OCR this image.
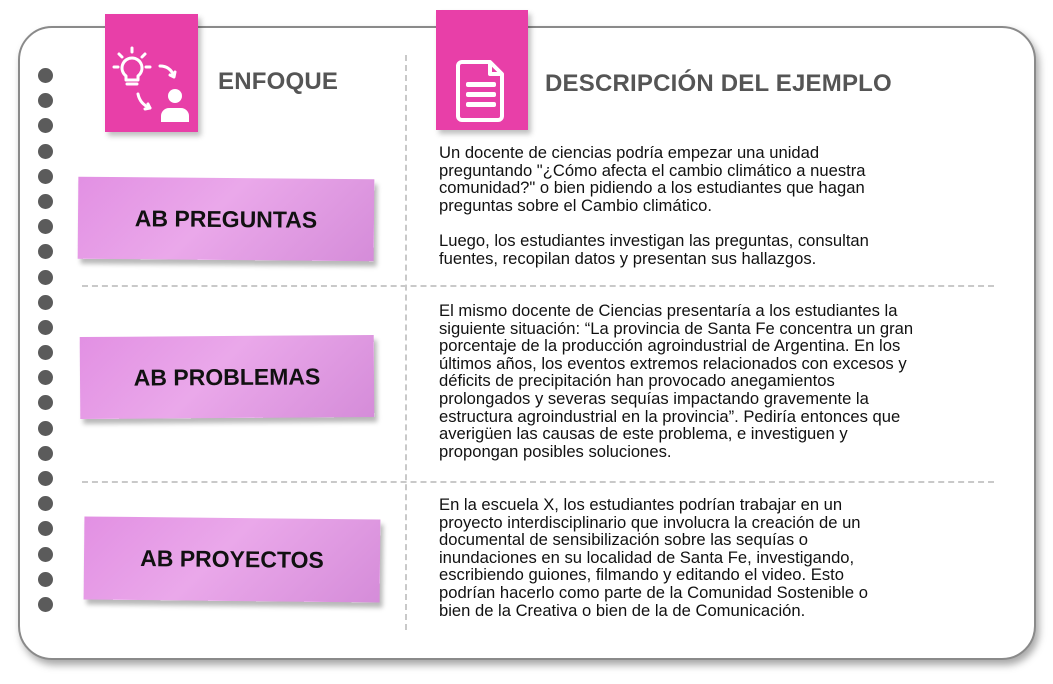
ENFOQUE	DESCRIPCIÓN DEL EJEMPLO
AB PREGUNTAS
AB PROBLEMAS
AB PROYECTOS

Un docente de ciencias podría empezar una unidad
preguntando "¿Cómo afecta el cambio climático a nuestra
comunidad?" o bien pidiendo a los estudiantes que hagan
preguntas sobre el Cambio climático.

Luego, los estudiantes investigan las preguntas, consultan
fuentes, recopilan datos y presentan sus hallazgos.

El mismo docente de Ciencias presentaría a los estudiantes la
siguiente situación: “La provincia de Santa Fe concentra un gran
porcentaje de la producción agroindustrial de Argentina. En los
últimos años, los eventos extremos relacionados con excesos y
déficits de precipitación han provocado anegamientos
prolongados y severas sequías impactando gravemente la
estructura agroindustrial en la provincia”. Pediría entonces que
averigüen las causas de este problema, e investiguen y
propongan posibles soluciones.

En la escuela X, los estudiantes podrían trabajar en un
proyecto interdisciplinario que involucra la creación de un
documental de sensibilización sobre las sequías o
inundaciones en su localidad de Santa Fe, investigando,
escribiendo guiones, filmando y editando el video. Esto
podrían hacerlo como parte de la Comunidad Sostenible o
bien de la Creativa o bien de la de Comunicación.
